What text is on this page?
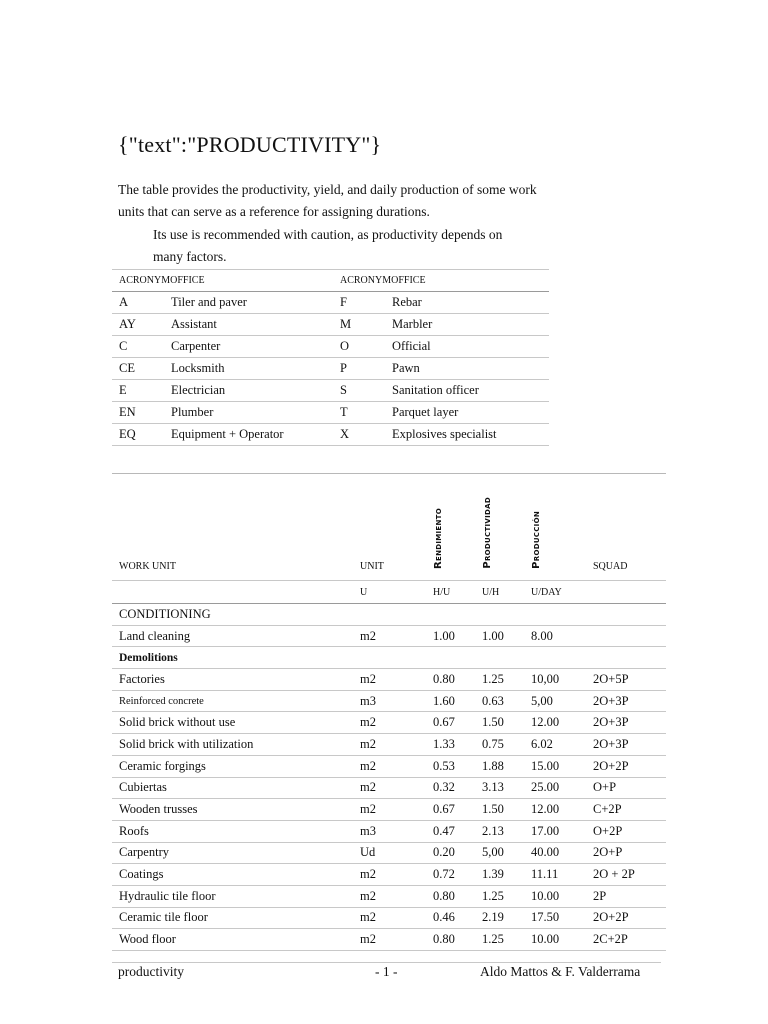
{"text":"PRODUCTIVITY"}
The table provides the productivity, yield, and daily production of some work units that can serve as a reference for assigning durations.
Its use is recommended with caution, as productivity depends on many factors.
ACRONYMOFFICE		ACRONYMOFFICE	
A	Tiler and paver	F	Rebar
AY	Assistant	M	Marbler
C	Carpenter	O	Official
CE	Locksmith	P	Pawn
E	Electrician	S	Sanitation officer
EN	Plumber	T	Parquet layer
EQ	Equipment + Operator	X	Explosives specialist
WORK UNIT	UNIT	Rendimiento	Productividad	Producción	SQUAD
	U	H/U	U/H	U/DAY	
CONDITIONING					
Land cleaning	m2	1.00	1.00	8.00	
Demolitions					
Factories	m2	0.80	1.25	10,00	2O+5P
Reinforced concrete	m3	1.60	0.63	5,00	2O+3P
Solid brick without use	m2	0.67	1.50	12.00	2O+3P
Solid brick with utilization	m2	1.33	0.75	6.02	2O+3P
Ceramic forgings	m2	0.53	1.88	15.00	2O+2P
Cubiertas	m2	0.32	3.13	25.00	O+P
Wooden trusses	m2	0.67	1.50	12.00	C+2P
Roofs	m3	0.47	2.13	17.00	O+2P
Carpentry	Ud	0.20	5,00	40.00	2O+P
Coatings	m2	0.72	1.39	11.11	2O + 2P
Hydraulic tile floor	m2	0.80	1.25	10.00	2P
Ceramic tile floor	m2	0.46	2.19	17.50	2O+2P
Wood floor	m2	0.80	1.25	10.00	2C+2P
productivity	- 1 -	Aldo Mattos & F. Valderrama
